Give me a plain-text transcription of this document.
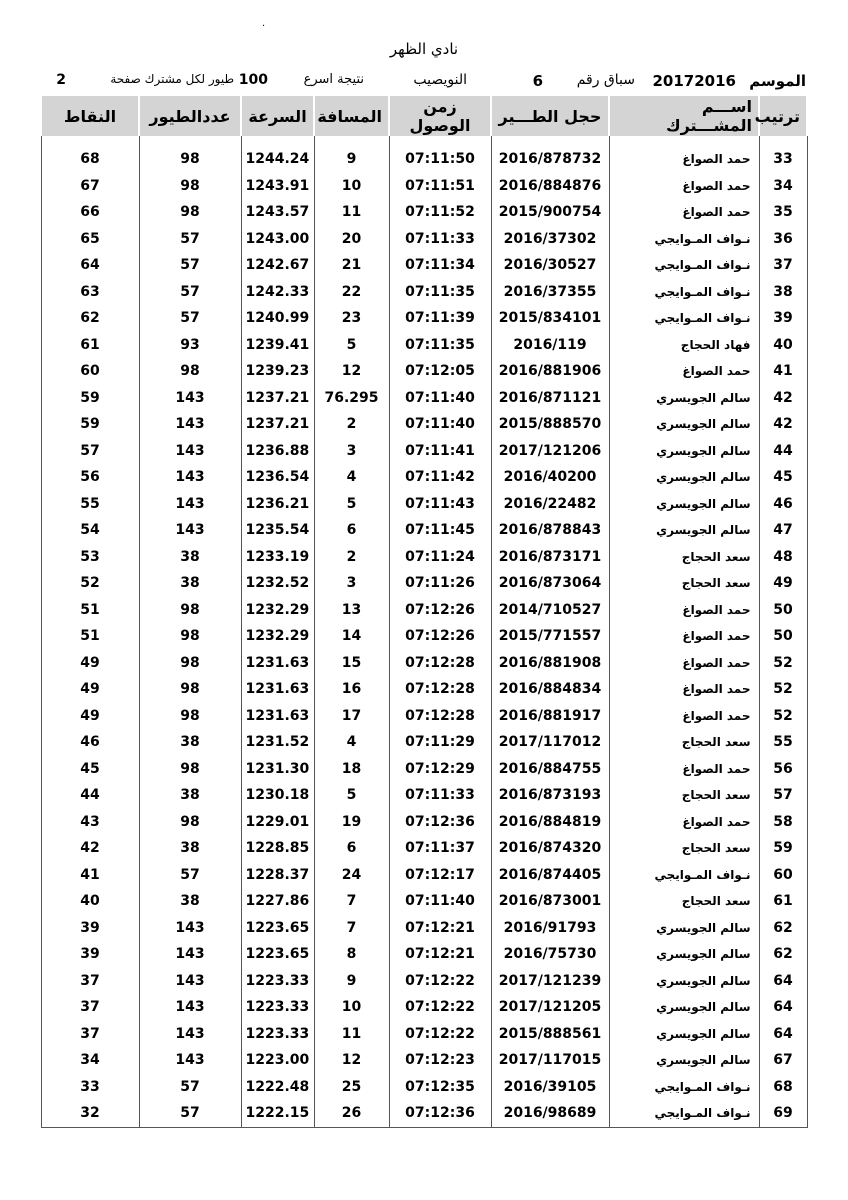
.
نادي الظهر
الموسم
20172016
سباق رقم
6
النويصيب
نتيجة اسرع
100
طيور لكل مشترك صفحة
2
ترتيب	اســـم المشـــترك	حجل الطـــير	زمن الوصول	المسافة	السرعة	عددالطيور	النقاط

33	حمد الصواغ	2016/878732	07:11:50	9	1244.24	98	68
34	حمد الصواغ	2016/884876	07:11:51	10	1243.91	98	67
35	حمد الصواغ	2015/900754	07:11:52	11	1243.57	98	66
36	نـواف المـوايجي	2016/37302	07:11:33	20	1243.00	57	65
37	نـواف المـوايجي	2016/30527	07:11:34	21	1242.67	57	64
38	نـواف المـوايجي	2016/37355	07:11:35	22	1242.33	57	63
39	نـواف المـوايجي	2015/834101	07:11:39	23	1240.99	57	62
40	فهاد الحجاج	2016/119	07:11:35	5	1239.41	93	61
41	حمد الصواغ	2016/881906	07:12:05	12	1239.23	98	60
42	سالم الجويسري	2016/871121	07:11:40	76.295	1237.21	143	59
42	سالم الجويسري	2015/888570	07:11:40	2	1237.21	143	59
44	سالم الجويسري	2017/121206	07:11:41	3	1236.88	143	57
45	سالم الجويسري	2016/40200	07:11:42	4	1236.54	143	56
46	سالم الجويسري	2016/22482	07:11:43	5	1236.21	143	55
47	سالم الجويسري	2016/878843	07:11:45	6	1235.54	143	54
48	سعد الحجاج	2016/873171	07:11:24	2	1233.19	38	53
49	سعد الحجاج	2016/873064	07:11:26	3	1232.52	38	52
50	حمد الصواغ	2014/710527	07:12:26	13	1232.29	98	51
50	حمد الصواغ	2015/771557	07:12:26	14	1232.29	98	51
52	حمد الصواغ	2016/881908	07:12:28	15	1231.63	98	49
52	حمد الصواغ	2016/884834	07:12:28	16	1231.63	98	49
52	حمد الصواغ	2016/881917	07:12:28	17	1231.63	98	49
55	سعد الحجاج	2017/117012	07:11:29	4	1231.52	38	46
56	حمد الصواغ	2016/884755	07:12:29	18	1231.30	98	45
57	سعد الحجاج	2016/873193	07:11:33	5	1230.18	38	44
58	حمد الصواغ	2016/884819	07:12:36	19	1229.01	98	43
59	سعد الحجاج	2016/874320	07:11:37	6	1228.85	38	42
60	نـواف المـوايجي	2016/874405	07:12:17	24	1228.37	57	41
61	سعد الحجاج	2016/873001	07:11:40	7	1227.86	38	40
62	سالم الجويسري	2016/91793	07:12:21	7	1223.65	143	39
62	سالم الجويسري	2016/75730	07:12:21	8	1223.65	143	39
64	سالم الجويسري	2017/121239	07:12:22	9	1223.33	143	37
64	سالم الجويسري	2017/121205	07:12:22	10	1223.33	143	37
64	سالم الجويسري	2015/888561	07:12:22	11	1223.33	143	37
67	سالم الجويسري	2017/117015	07:12:23	12	1223.00	143	34
68	نـواف المـوايجي	2016/39105	07:12:35	25	1222.48	57	33
69	نـواف المـوايجي	2016/98689	07:12:36	26	1222.15	57	32
